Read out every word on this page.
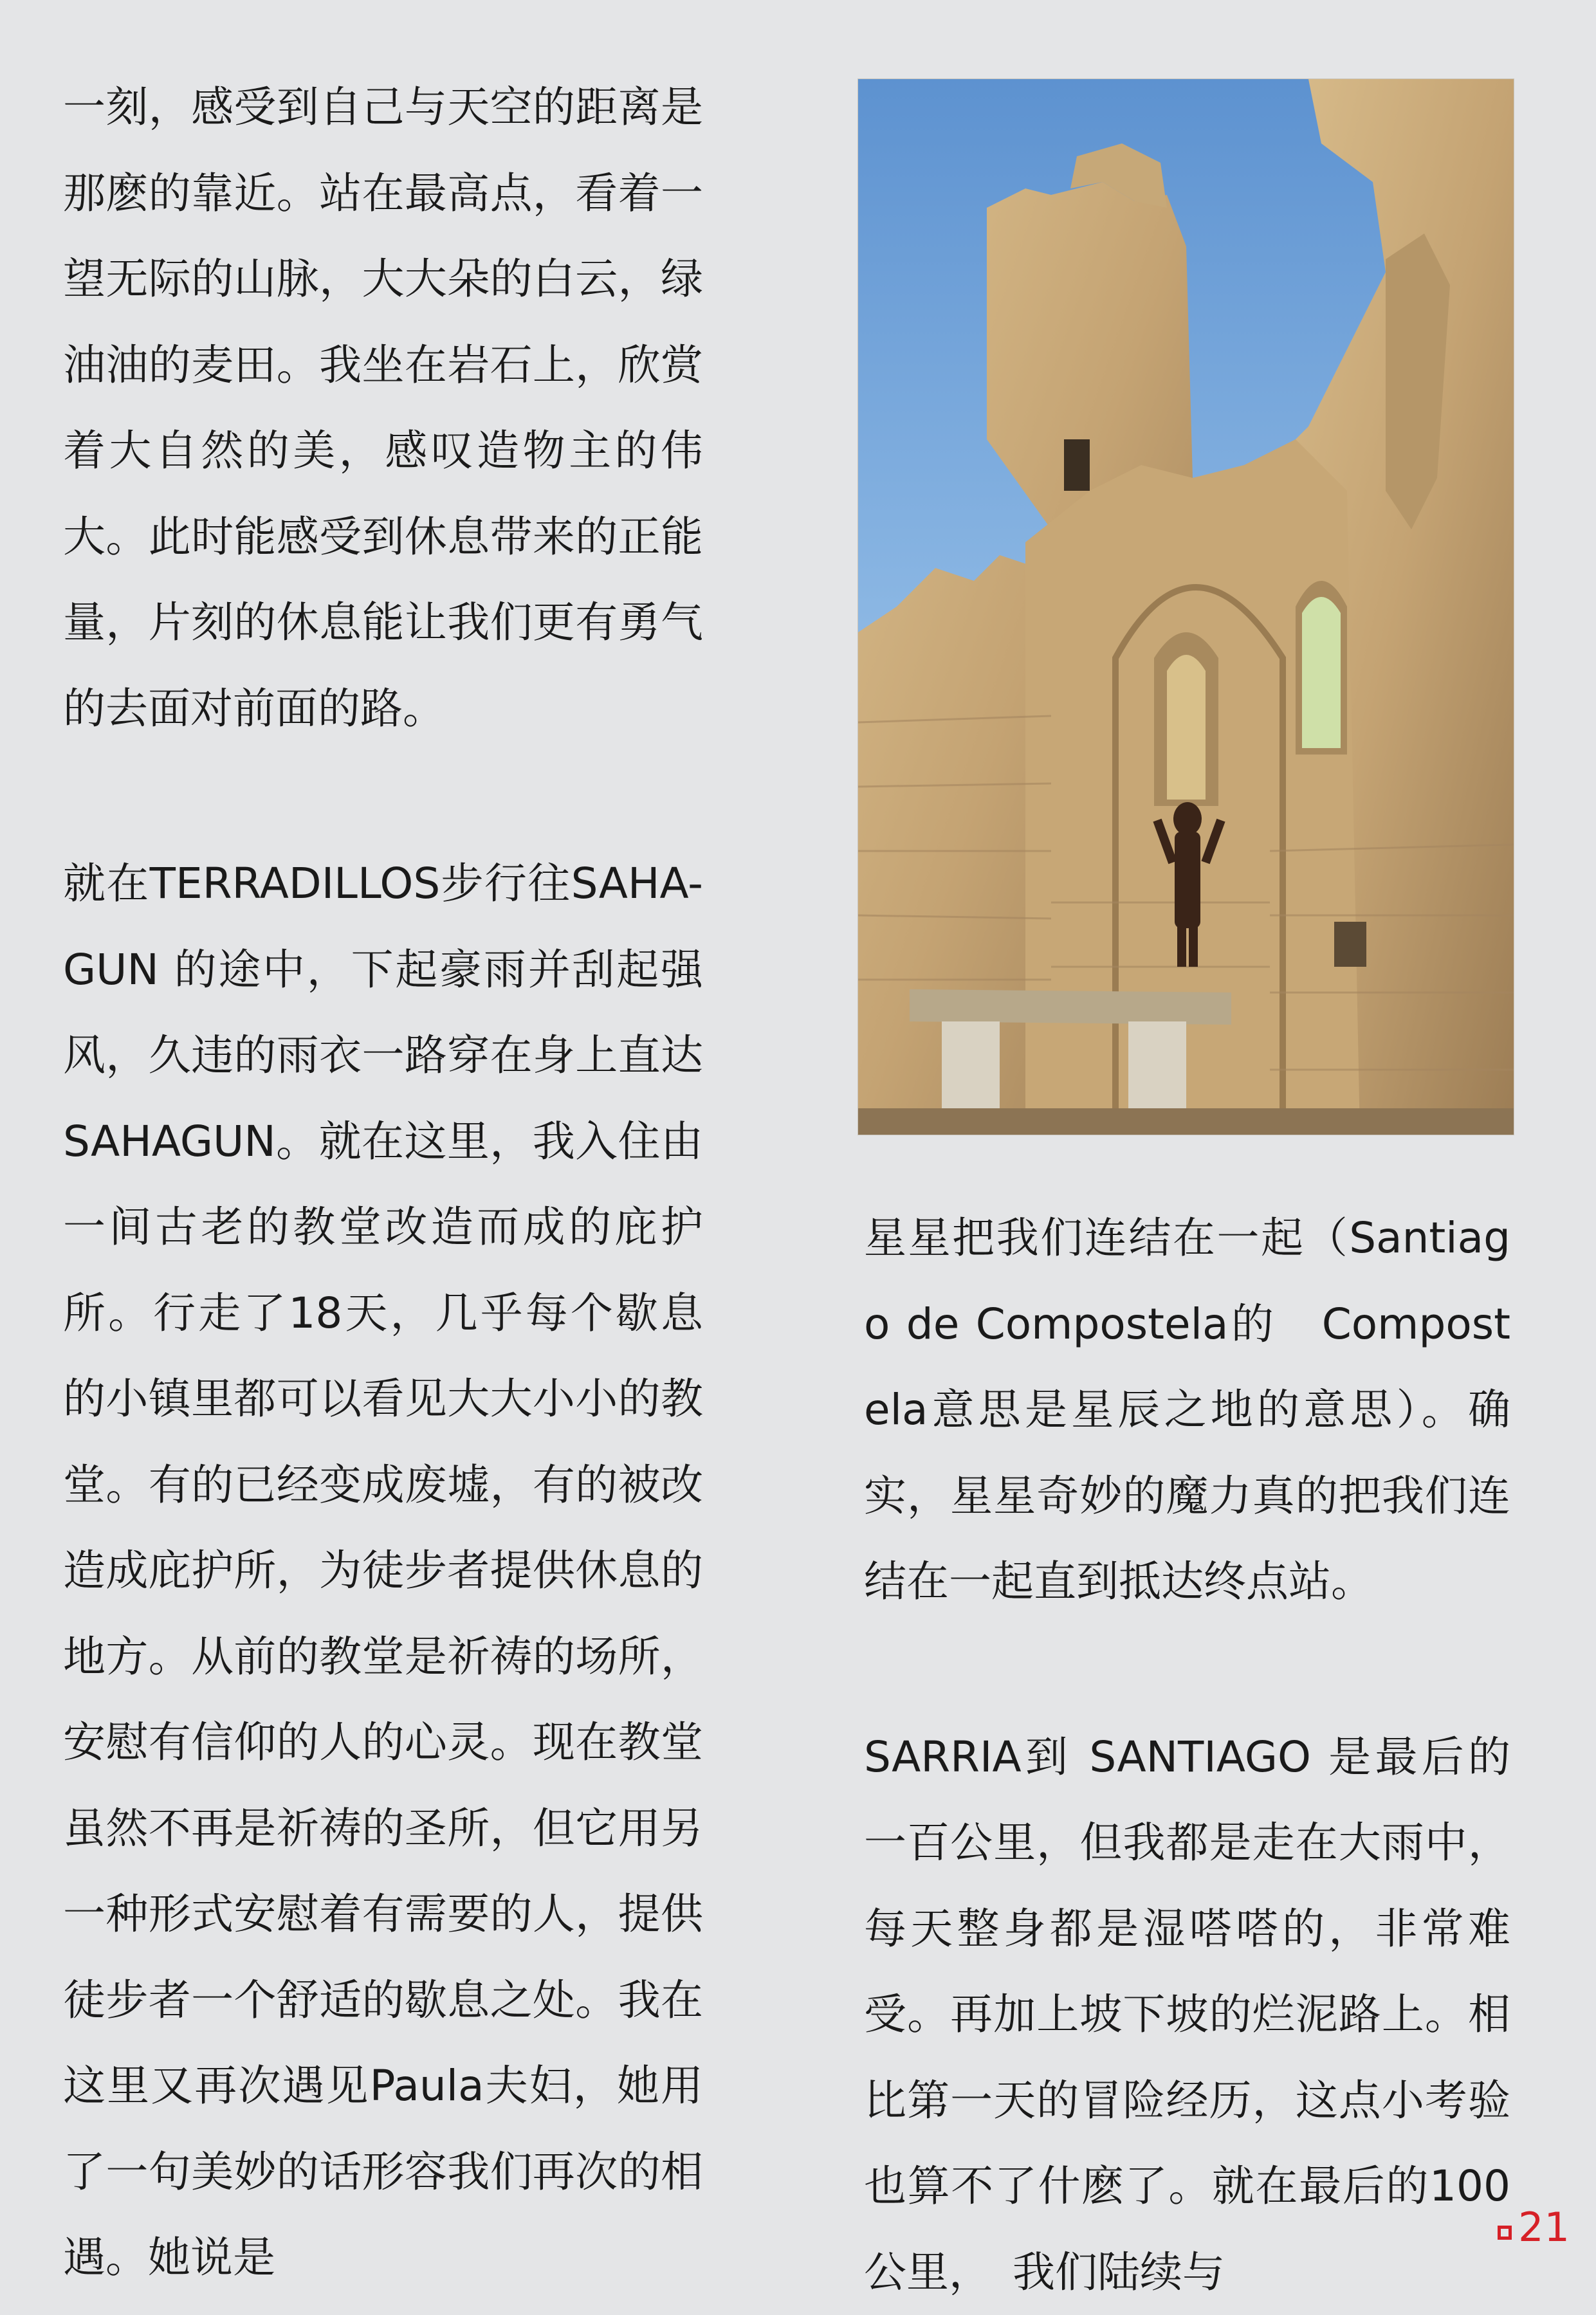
一刻，感受到自己与天空的距离是那麽的靠近。站在最高点，看着一望无际的山脉，大大朵的白云，绿油油的麦田。我坐在岩石上，欣赏着大自然的美，感叹造物主的伟大。此时能感受到休息带来的正能量，片刻的休息能让我们更有勇气的去面对前面的路。

就在TERRADILLOS步行往SAHA-GUN 的途中，下起豪雨并刮起强风，久违的雨衣一路穿在身上直达SAHAGUN。就在这里，我入住由一间古老的教堂改造而成的庇护所。行走了18天，几乎每个歇息的小镇里都可以看见大大小小的教堂。有的已经变成废墟，有的被改造成庇护所，为徒步者提供休息的地方。从前的教堂是祈祷的场所，安慰有信仰的人的心灵。现在教堂虽然不再是祈祷的圣所，但它用另一种形式安慰着有需要的人，提供徒步者一个舒适的歇息之处。我在这里又再次遇见Paula夫妇，她用了一句美妙的话形容我们再次的相遇。她说是

星星把我们连结在一起（Santiago de Compostela的　Compostela意思是星辰之地的意思）。确实，星星奇妙的魔力真的把我们连结在一起直到抵达终点站。

SARRIA到 SANTIAGO 是最后的一百公里，但我都是走在大雨中，每天整身都是湿嗒嗒的，非常难受。再加上坡下坡的烂泥路上。相比第一天的冒险经历，这点小考验也算不了什麽了。就在最后的100公里，　我们陆续与

21
